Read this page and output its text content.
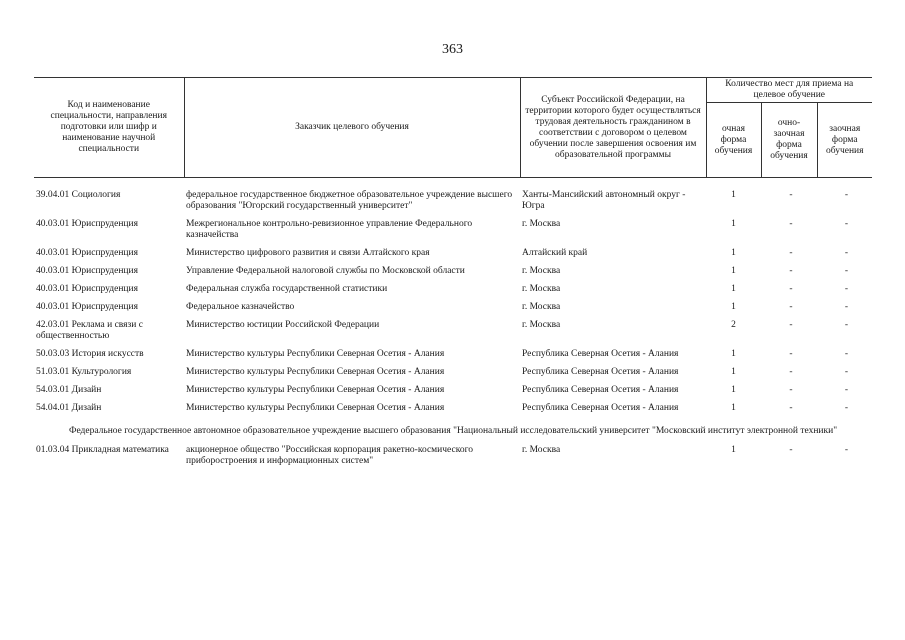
363
Код и наименование специальности, направления подготовки или шифр и наименование научной специальности	Заказчик целевого обучения	Субъект Российской Федерации, на территории которого будет осуществляться трудовая деятельность гражданином в соответствии с договором о целевом обучении после завершения освоения им образовательной программы	Количество мест для приема на целевое обучение		
			очная форма обучения	очно-заочная форма обучения	заочная форма обучения
39.04.01 Социология	федеральное государственное бюджетное образовательное учреждение высшего образования "Югорский государственный университет"	Ханты-Мансийский автономный округ - Югра	1	-	-
40.03.01 Юриспруденция	Межрегиональное контрольно-ревизионное управление Федерального казначейства	г. Москва	1	-	-
40.03.01 Юриспруденция	Министерство цифрового развития и связи Алтайского края	Алтайский край	1	-	-
40.03.01 Юриспруденция	Управление Федеральной налоговой службы по Московской области	г. Москва	1	-	-
40.03.01 Юриспруденция	Федеральная служба государственной статистики	г. Москва	1	-	-
40.03.01 Юриспруденция	Федеральное казначейство	г. Москва	1	-	-
42.03.01 Реклама и связи с общественностью	Министерство юстиции Российской Федерации	г. Москва	2	-	-
50.03.03 История искусств	Министерство культуры Республики Северная Осетия - Алания	Республика Северная Осетия - Алания	1	-	-
51.03.01 Культурология	Министерство культуры Республики Северная Осетия - Алания	Республика Северная Осетия - Алания	1	-	-
54.03.01 Дизайн	Министерство культуры Республики Северная Осетия - Алания	Республика Северная Осетия - Алания	1	-	-
54.04.01 Дизайн	Министерство культуры Республики Северная Осетия - Алания	Республика Северная Осетия - Алания	1	-	-
Федеральное государственное автономное образовательное учреждение высшего образования "Национальный исследовательский университет "Московский институт электронной техники"					
01.03.04 Прикладная математика	акционерное общество "Российская корпорация ракетно-космического приборостроения и информационных систем"	г. Москва	1	-	-
